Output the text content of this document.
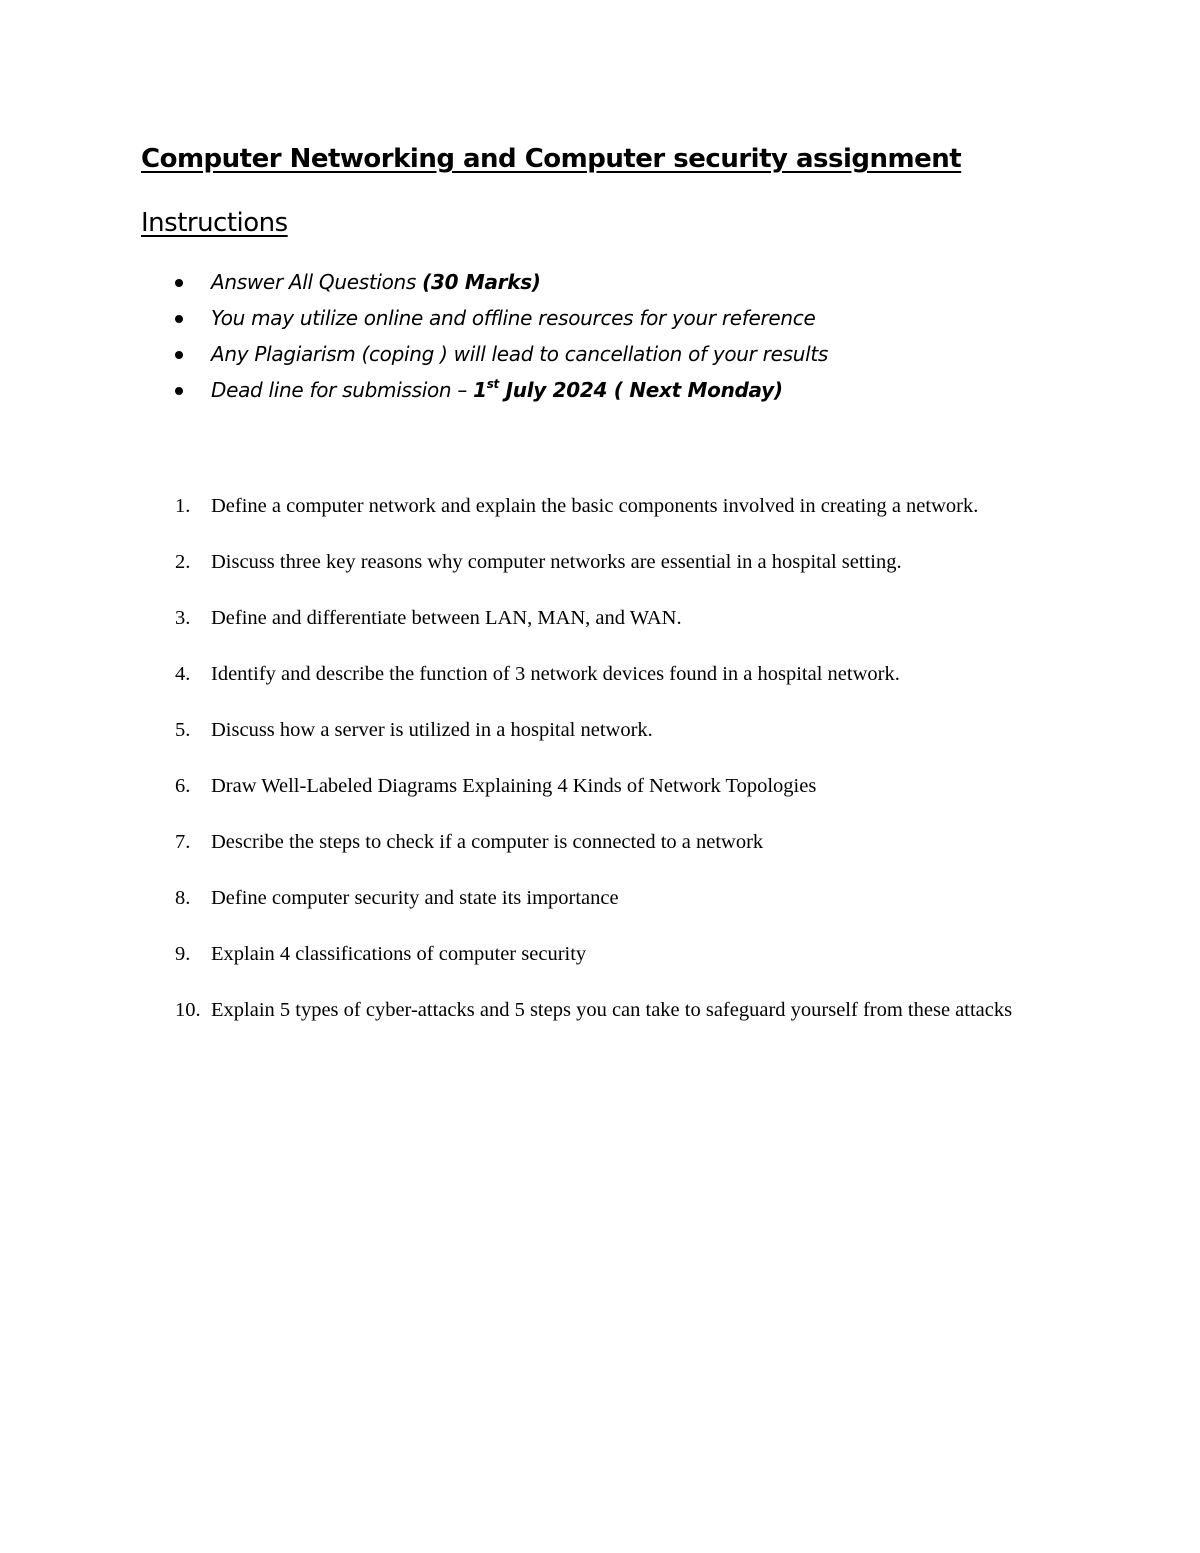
Computer Networking and Computer security assignment
Instructions
Answer All Questions (30 Marks)
You may utilize online and offline resources for your reference
Any Plagiarism (coping ) will lead to cancellation of your results
Dead line for submission – 1st July 2024 ( Next Monday)
1. Define a computer network and explain the basic components involved in creating a network.
2. Discuss three key reasons why computer networks are essential in a hospital setting.
3. Define and differentiate between LAN, MAN, and WAN.
4. Identify and describe the function of 3 network devices found in a hospital network.
5. Discuss how a server is utilized in a hospital network.
6. Draw Well-Labeled Diagrams Explaining 4 Kinds of Network Topologies
7. Describe the steps to check if a computer is connected to a network
8. Define computer security and state its importance
9. Explain 4 classifications of computer security
10. Explain 5 types of cyber-attacks and 5 steps you can take to safeguard yourself from these attacks
